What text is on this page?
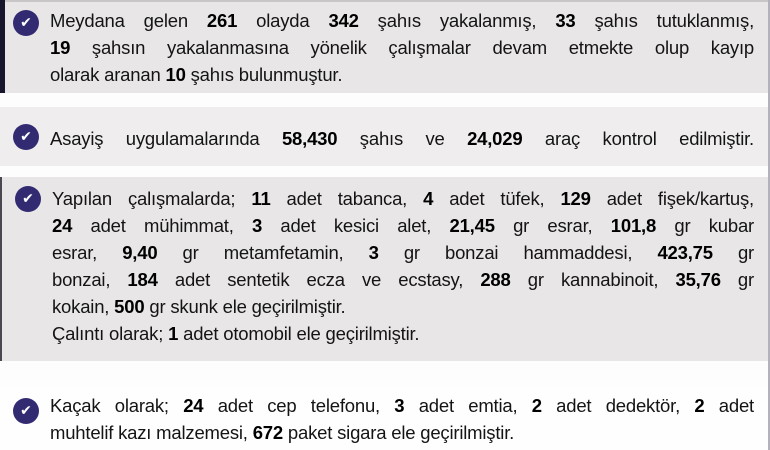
✔ Meydana gelen 261 olayda 342 şahıs yakalanmış, 33 şahıs tutuklanmış,
19 şahsın yakalanmasına yönelik çalışmalar devam etmekte olup kayıp
olarak aranan 10 şahıs bulunmuştur.
✔ Asayiş uygulamalarında 58,430 şahıs ve 24,029 araç kontrol edilmiştir.
✔ Yapılan çalışmalarda; 11 adet tabanca, 4 adet tüfek, 129 adet fişek/kartuş,
24 adet mühimmat, 3 adet kesici alet, 21,45 gr esrar, 101,8 gr kubar
esrar, 9,40 gr metamfetamin, 3 gr bonzai hammaddesi, 423,75 gr
bonzai, 184 adet sentetik ecza ve ecstasy, 288 gr kannabinoit, 35,76 gr
kokain, 500 gr skunk ele geçirilmiştir.
Çalıntı olarak; 1 adet otomobil ele geçirilmiştir.
✔ Kaçak olarak; 24 adet cep telefonu, 3 adet emtia, 2 adet dedektör, 2 adet
muhtelif kazı malzemesi, 672 paket sigara ele geçirilmiştir.
